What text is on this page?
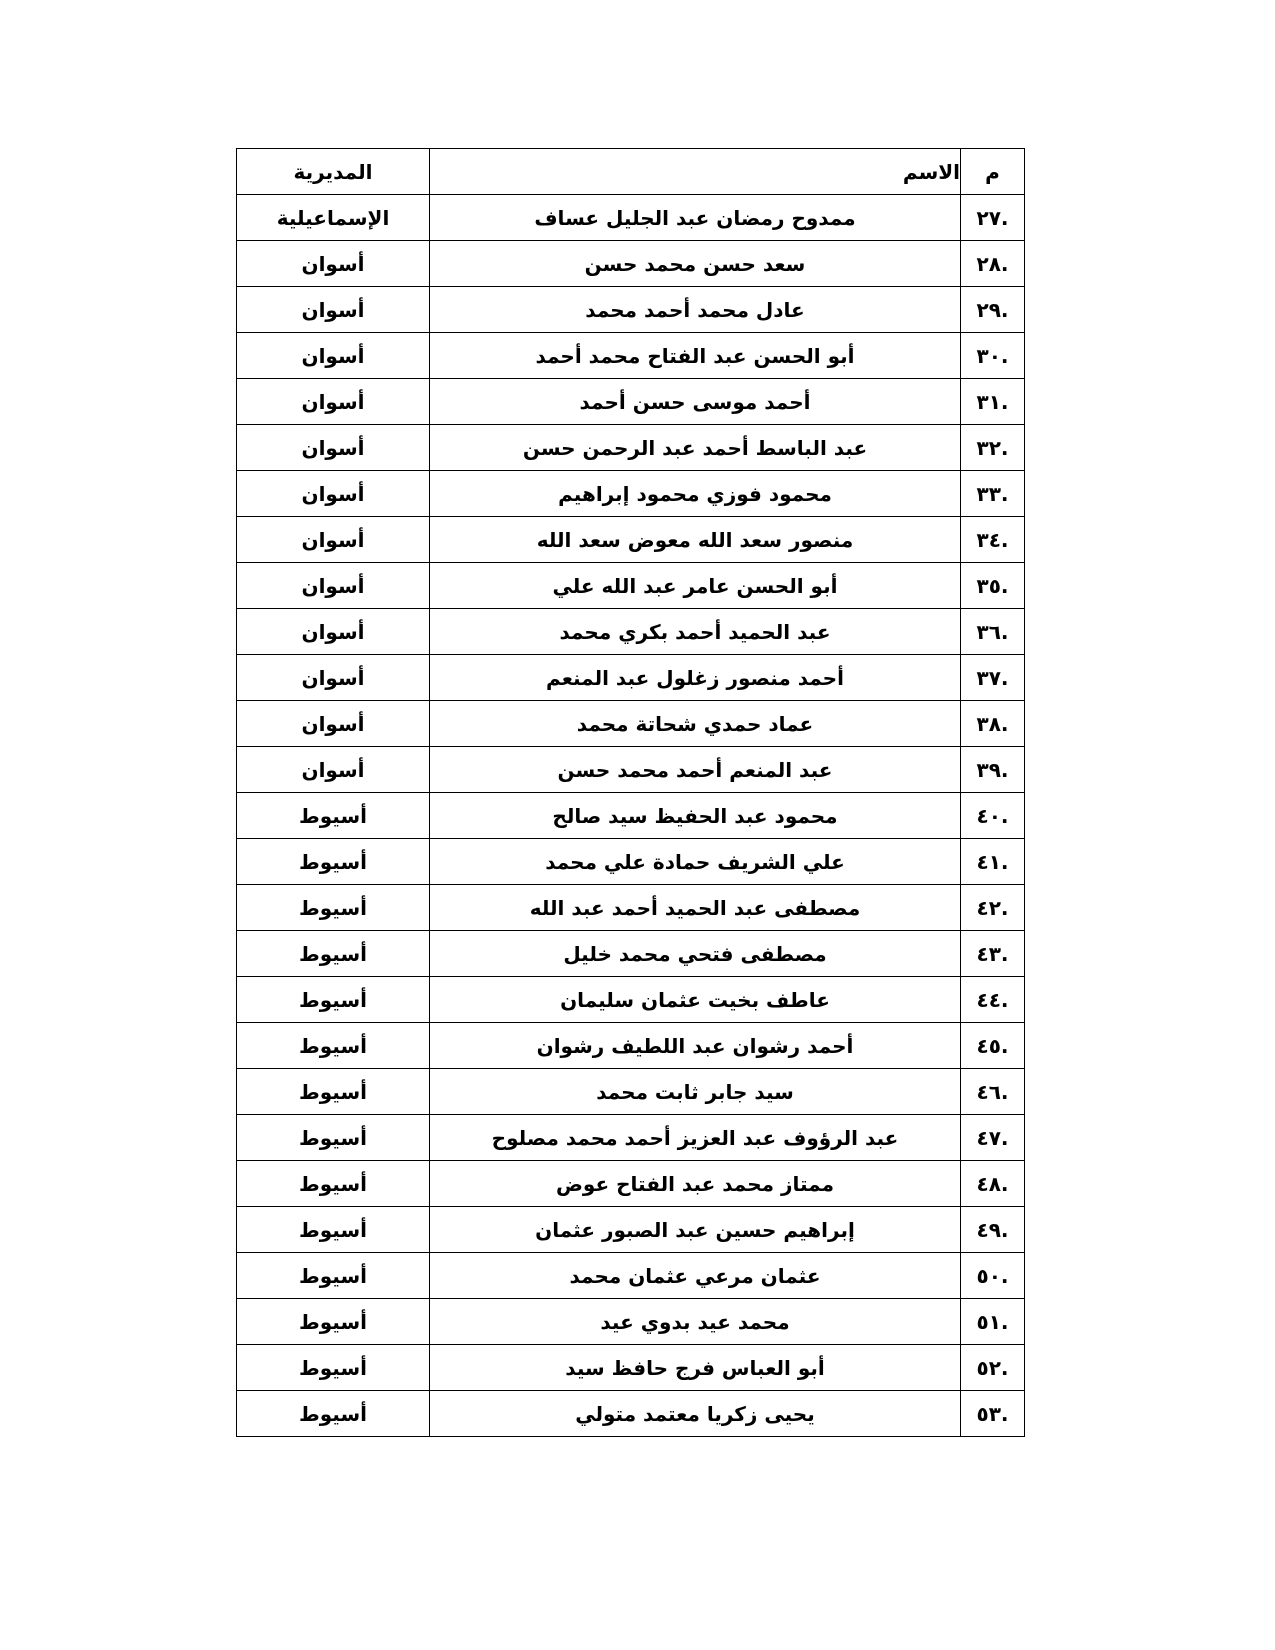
م	الاسم	المديرية
.٢٧	ممدوح رمضان عبد الجليل عساف	الإسماعيلية
.٢٨	سعد حسن محمد حسن	أسوان
.٢٩	عادل محمد أحمد محمد	أسوان
.٣٠	أبو الحسن عبد الفتاح محمد أحمد	أسوان
.٣١	أحمد موسى حسن أحمد	أسوان
.٣٢	عبد الباسط أحمد عبد الرحمن حسن	أسوان
.٣٣	محمود فوزي محمود إبراهيم	أسوان
.٣٤	منصور سعد الله معوض سعد الله	أسوان
.٣٥	أبو الحسن عامر عبد الله علي	أسوان
.٣٦	عبد الحميد أحمد بكري محمد	أسوان
.٣٧	أحمد منصور زغلول عبد المنعم	أسوان
.٣٨	عماد حمدي شحاتة محمد	أسوان
.٣٩	عبد المنعم أحمد محمد حسن	أسوان
.٤٠	محمود عبد الحفيظ سيد صالح	أسيوط
.٤١	علي الشريف حمادة علي محمد	أسيوط
.٤٢	مصطفى عبد الحميد أحمد عبد الله	أسيوط
.٤٣	مصطفى فتحي محمد خليل	أسيوط
.٤٤	عاطف بخيت عثمان سليمان	أسيوط
.٤٥	أحمد رشوان عبد اللطيف رشوان	أسيوط
.٤٦	سيد جابر ثابت محمد	أسيوط
.٤٧	عبد الرؤوف عبد العزيز أحمد محمد مصلوح	أسيوط
.٤٨	ممتاز محمد عبد الفتاح عوض	أسيوط
.٤٩	إبراهيم حسين عبد الصبور عثمان	أسيوط
.٥٠	عثمان مرعي عثمان محمد	أسيوط
.٥١	محمد عيد بدوي عيد	أسيوط
.٥٢	أبو العباس فرج حافظ سيد	أسيوط
.٥٣	يحيى زكريا معتمد متولي	أسيوط
